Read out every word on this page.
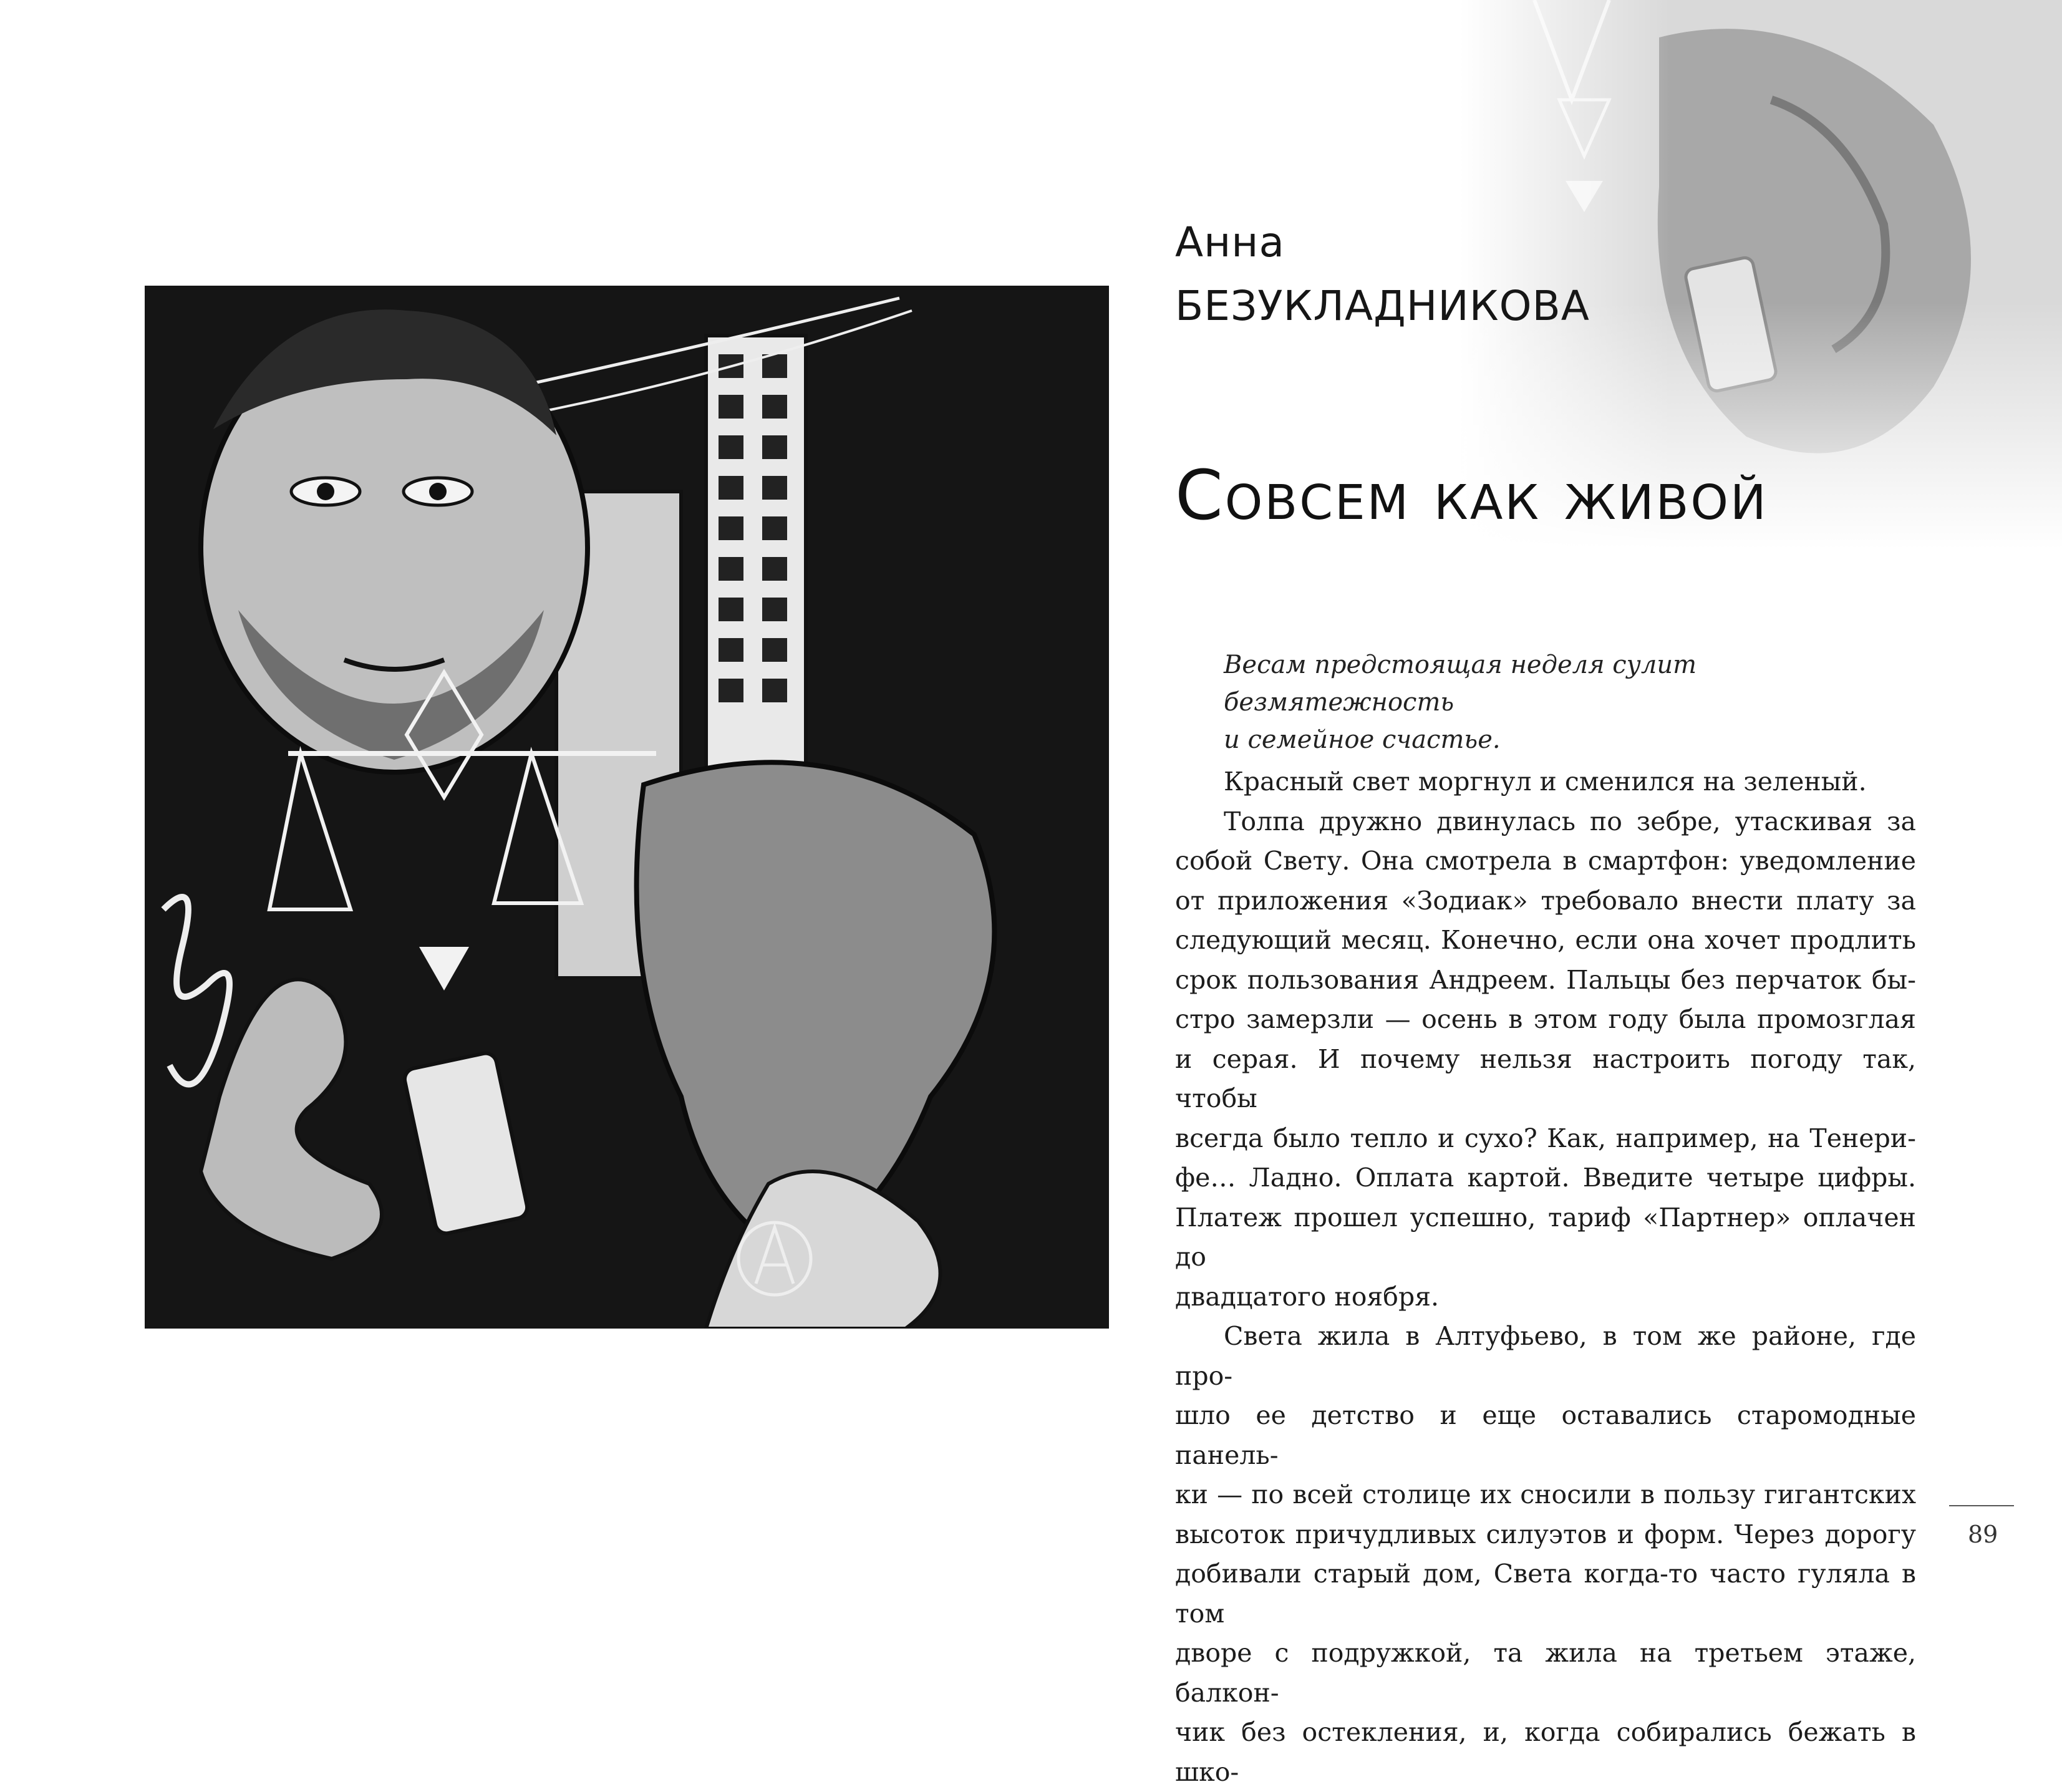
Анна
БЕЗУКЛАДНИКОВА
Совсем как живой
Весам предстоящая неделя сулит безмятежность
и семейное счастье.

Красный свет моргнул и сменился на зеленый.

Толпа дружно двинулась по зебре, утаскивая за
собой Свету. Она смотрела в смартфон: уведомление
от приложения «Зодиак» требовало внести плату за
следующий месяц. Конечно, если она хочет продлить
срок пользования Андреем. Пальцы без перчаток бы-
стро замерзли — осень в этом году была промозглая
и серая. И почему нельзя настроить погоду так, чтобы
всегда было тепло и сухо? Как, например, на Тенери-
фе… Ладно. Оплата картой. Введите четыре цифры.
Платеж прошел успешно, тариф «Партнер» оплачен до
двадцатого ноября.

Света жила в Алтуфьево, в том же районе, где про-
шло ее детство и еще оставались старомодные панель-
ки — по всей столице их сносили в пользу гигантских
высоток причудливых силуэтов и форм. Через дорогу
добивали старый дом, Света когда-то часто гуляла в том
дворе с подружкой, та жила на третьем этаже, балкон-
чик без остекления, и, когда собирались бежать в шко-

89
